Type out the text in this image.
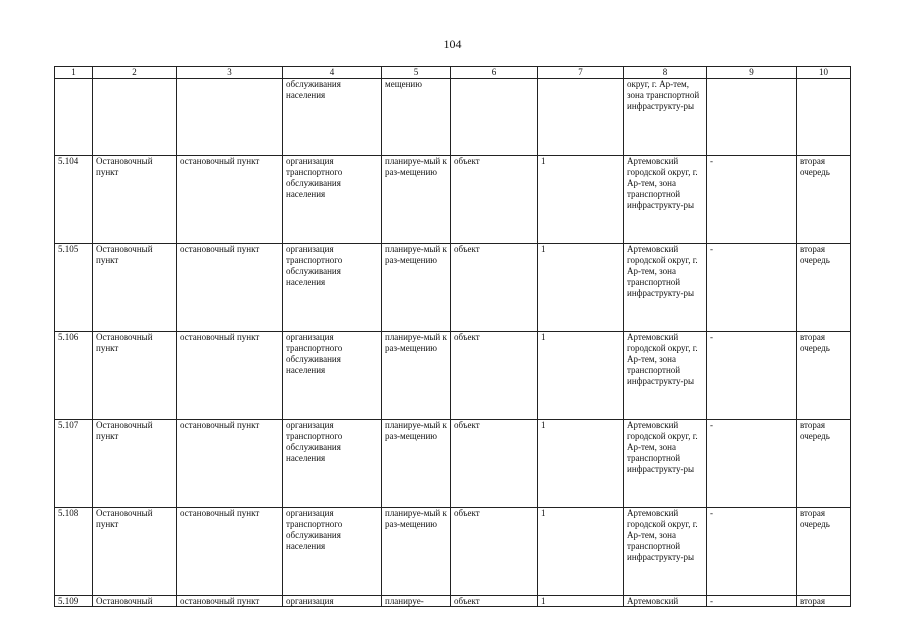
104
1	2	3	4	5	6	7	8	9	10
			обслуживания населения	мещению			округ, г. Ар-тем, зона транспортной инфраструкту-ры		
5.104	Остановочный пункт	остановочный пункт	организация транспортного обслуживания населения	планируе-мый к раз-мещению	объект	1	Артемовский городской округ, г. Ар-тем, зона транспортной инфраструкту-ры	-	вторая очередь
5.105	Остановочный пункт	остановочный пункт	организация транспортного обслуживания населения	планируе-мый к раз-мещению	объект	1	Артемовский городской округ, г. Ар-тем, зона транспортной инфраструкту-ры	-	вторая очередь
5.106	Остановочный пункт	остановочный пункт	организация транспортного обслуживания населения	планируе-мый к раз-мещению	объект	1	Артемовский городской округ, г. Ар-тем, зона транспортной инфраструкту-ры	-	вторая очередь
5.107	Остановочный пункт	остановочный пункт	организация транспортного обслуживания населения	планируе-мый к раз-мещению	объект	1	Артемовский городской округ, г. Ар-тем, зона транспортной инфраструкту-ры	-	вторая очередь
5.108	Остановочный пункт	остановочный пункт	организация транспортного обслуживания населения	планируе-мый к раз-мещению	объект	1	Артемовский городской округ, г. Ар-тем, зона транспортной инфраструкту-ры	-	вторая очередь
5.109	Остановочный	остановочный пункт	организация	планируе-	объект	1	Артемовский	-	вторая
